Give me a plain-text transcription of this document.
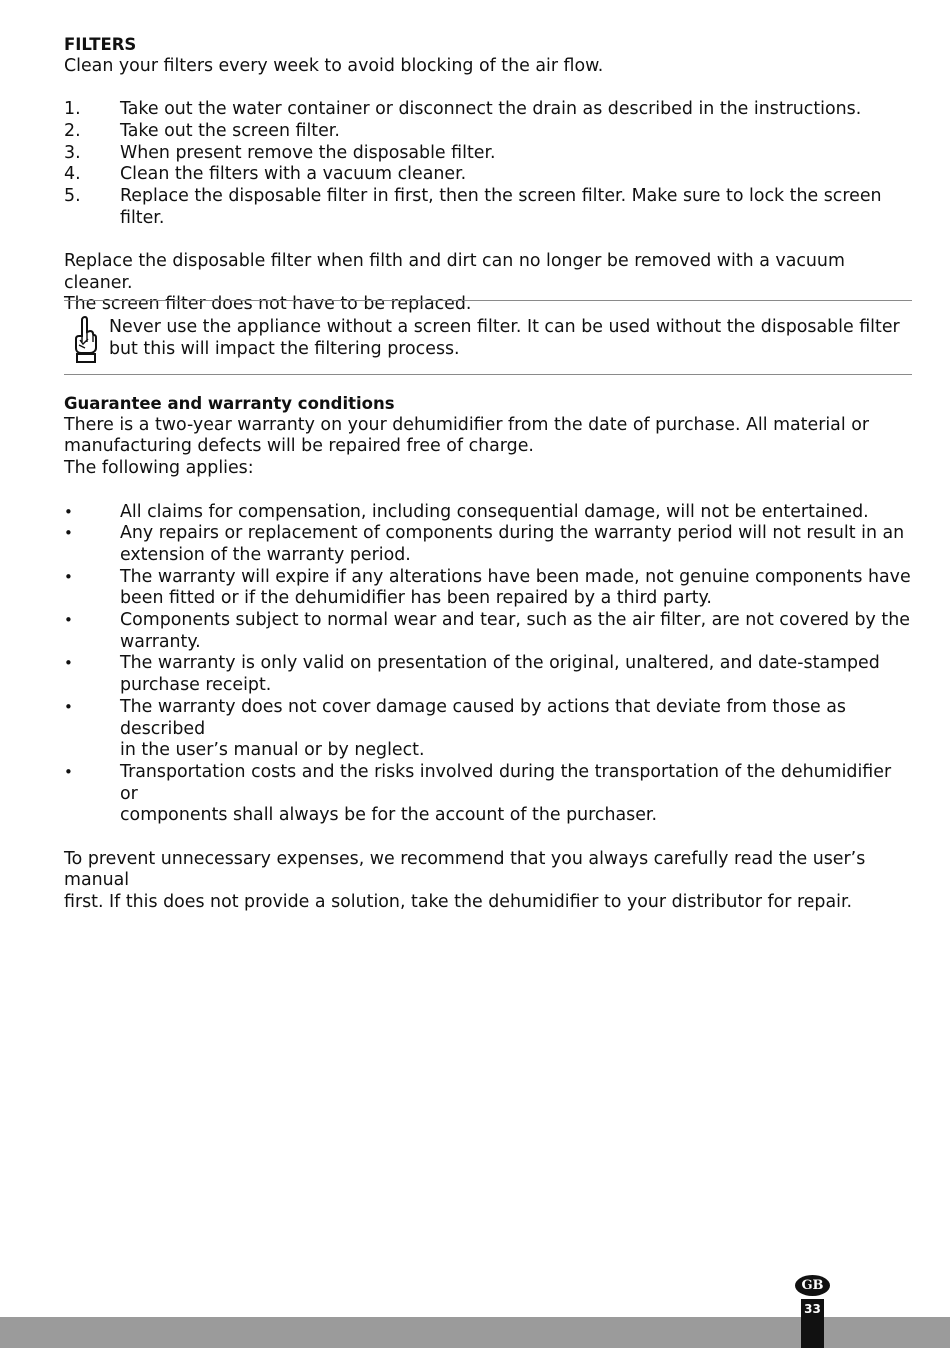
FILTERS

Clean your filters every week to avoid blocking of the air flow.

1.	Take out the water container or disconnect the drain as described in the instructions.
2.	Take out the screen filter.
3.	When present remove the disposable filter.
4.	Clean the filters with a vacuum cleaner.
5.	Replace the disposable filter in first, then the screen filter. Make sure to lock the screen filter.

Replace the disposable filter when filth and dirt can no longer be removed with a vacuum cleaner.

The screen filter does not have to be replaced.

Never use the appliance without a screen filter. It can be used without the disposable filter

but this will impact the filtering process.

Guarantee and warranty conditions

There is a two-year warranty on your dehumidifier from the date of purchase. All material or

manufacturing defects will be repaired free of charge.

The following applies:

•	All claims for compensation, including consequential damage, will not be entertained.
•	Any repairs or replacement of components during the warranty period will not result in an
extension of the warranty period.
•	The warranty will expire if any alterations have been made, not genuine components have
been fitted or if the dehumidifier has been repaired by a third party.
•	Components subject to normal wear and tear, such as the air filter, are not covered by the
warranty.
•	The warranty is only valid on presentation of the original, unaltered, and date-stamped
purchase receipt.
•	The warranty does not cover damage caused by actions that deviate from those as described
in the user’s manual or by neglect.
•	Transportation costs and the risks involved during the transportation of the dehumidifier or
components shall always be for the account of the purchaser.

To prevent unnecessary expenses, we recommend that you always carefully read the user’s manual

first. If this does not provide a solution, take the dehumidifier to your distributor for repair.

GB
33
